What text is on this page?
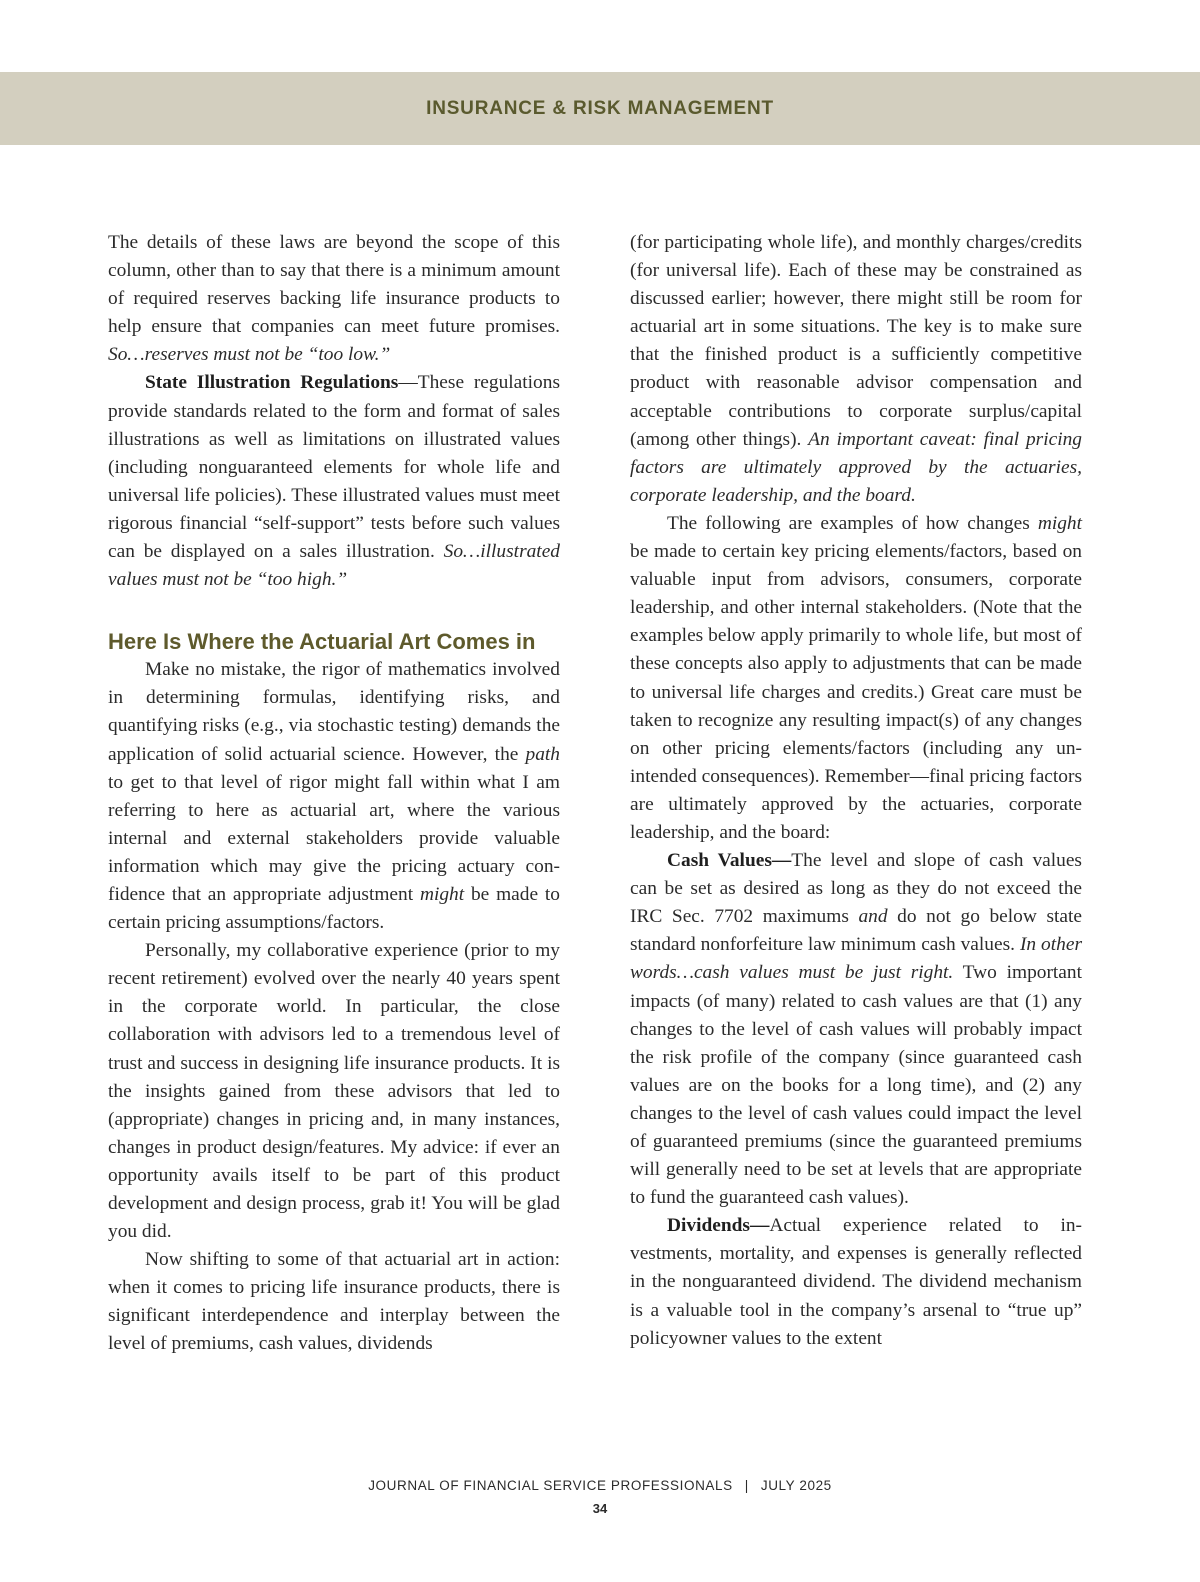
INSURANCE & RISK MANAGEMENT

The details of these laws are beyond the scope of this column, other than to say that there is a minimum amount of required reserves backing life insurance products to help ensure that companies can meet future promises. So…reserves must not be “too low.”

State Illustration Regulations—These regulations provide standards related to the form and format of sales illustrations as well as limitations on illustrated values (including nonguaranteed elements for whole life and universal life policies). These illustrated values must meet rigorous financial “self-support” tests before such values can be displayed on a sales illustration. So…illustrated values must not be “too high.”

Here Is Where the Actuarial Art Comes in

Make no mistake, the rigor of mathematics involved in determining formulas, identifying risks, and quantifying risks (e.g., via stochastic testing) demands the application of solid actuarial science. However, the path to get to that level of rigor might fall within what I am referring to here as actuarial art, where the various internal and external stakeholders provide valuable information which may give the pricing actuary confidence that an appropriate adjustment might be made to certain pricing assumptions/factors.

Personally, my collaborative experience (prior to my recent retirement) evolved over the nearly 40 years spent in the corporate world. In particular, the close collaboration with advisors led to a tremendous level of trust and success in designing life insurance products. It is the insights gained from these advisors that led to (appropriate) changes in pricing and, in many instances, changes in product design/features. My advice: if ever an opportunity avails itself to be part of this product development and design process, grab it! You will be glad you did.

Now shifting to some of that actuarial art in action: when it comes to pricing life insurance products, there is significant interdependence and interplay between the level of premiums, cash values, dividends

(for participating whole life), and monthly charges/credits (for universal life). Each of these may be constrained as discussed earlier; however, there might still be room for actuarial art in some situations. The key is to make sure that the finished product is a sufficiently competitive product with reasonable advisor compensation and acceptable contributions to corporate surplus/capital (among other things). An important caveat: final pricing factors are ultimately approved by the actuaries, corporate leadership, and the board.

The following are examples of how changes might be made to certain key pricing elements/factors, based on valuable input from advisors, consumers, corporate leadership, and other internal stakeholders. (Note that the examples below apply primarily to whole life, but most of these concepts also apply to adjustments that can be made to universal life charges and credits.) Great care must be taken to recognize any resulting impact(s) of any changes on other pricing elements/factors (including any unintended consequences). Remember—final pricing factors are ultimately approved by the actuaries, corporate leadership, and the board:

Cash Values—The level and slope of cash values can be set as desired as long as they do not exceed the IRC Sec. 7702 maximums and do not go below state standard nonforfeiture law minimum cash values. In other words…cash values must be just right. Two important impacts (of many) related to cash values are that (1) any changes to the level of cash values will probably impact the risk profile of the company (since guaranteed cash values are on the books for a long time), and (2) any changes to the level of cash values could impact the level of guaranteed premiums (since the guaranteed premiums will generally need to be set at levels that are appropriate to fund the guaranteed cash values).

Dividends—Actual experience related to investments, mortality, and expenses is generally reflected in the nonguaranteed dividend. The dividend mechanism is a valuable tool in the company’s arsenal to “true up” policyowner values to the extent

JOURNAL OF FINANCIAL SERVICE PROFESSIONALS | JULY 2025
34
